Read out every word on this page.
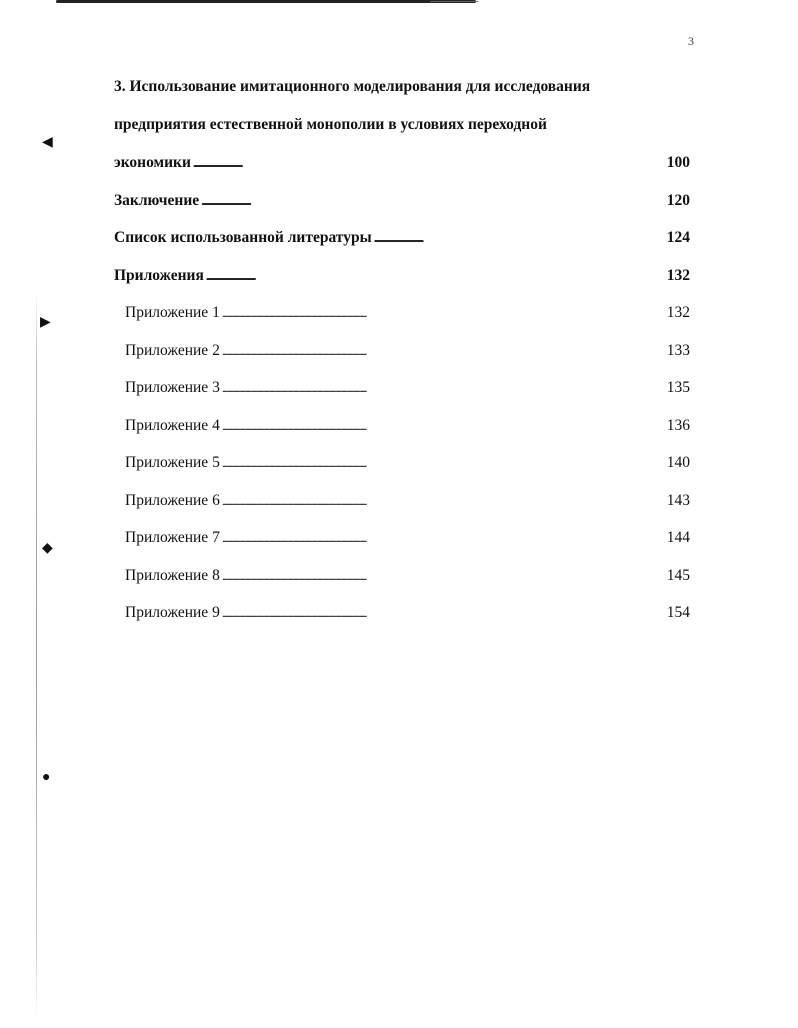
◀
▶
◆
●
3
3. Использование имитационного моделирования для исследования
предприятия естественной монополии в условиях переходной
экономики . . .	100
Заключение . . .	120
Список использованной литературы . . .	124
Приложения . . .	132
Приложение 1 . . .	132
Приложение 2 . . .	133
Приложение 3 . . .	135
Приложение 4 . . .	136
Приложение 5 . . .	140
Приложение 6 . . .	143
Приложение 7 . . .	144
Приложение 8 . . .	145
Приложение 9 . . .	154
